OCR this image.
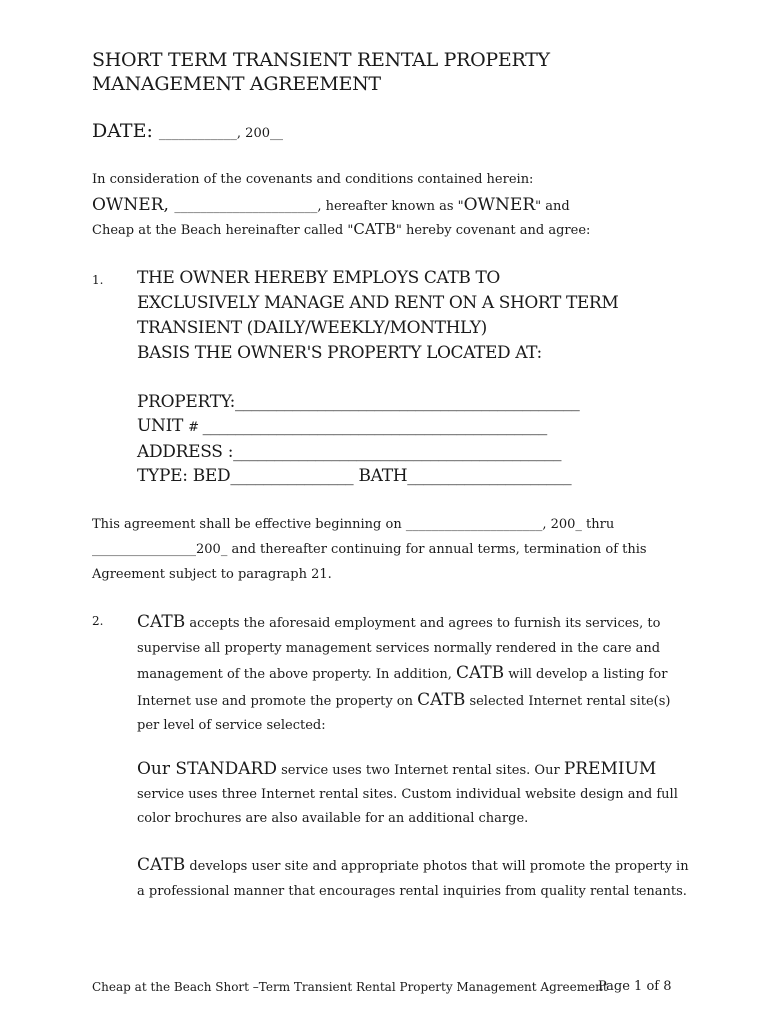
SHORT TERM TRANSIENT RENTAL PROPERTY
MANAGEMENT AGREEMENT
DATE: ____________, 200__
In consideration of the covenants and conditions contained herein:
OWNER, ______________________, hereafter known as "OWNER" and
Cheap at the Beach hereinafter called "CATB" hereby covenant and agree:
1. THE OWNER HEREBY EMPLOYS CATB TO
EXCLUSIVELY MANAGE AND RENT ON A SHORT TERM
TRANSIENT (DAILY/WEEKLY/MONTHLY)
BASIS THE OWNER'S PROPERTY LOCATED AT:
PROPERTY:__________________________________________
UNIT # __________________________________________
ADDRESS :________________________________________
TYPE: BED_______________ BATH____________________
This agreement shall be effective beginning on _____________________, 200_ thru
________________200_ and thereafter continuing for annual terms, termination of this
Agreement subject to paragraph 21.
2. CATB accepts the aforesaid employment and agrees to furnish its services, to
supervise all property management services normally rendered in the care and
management of the above property. In addition, CATB will develop a listing for
Internet use and promote the property on CATB selected Internet rental site(s)
per level of service selected:
Our STANDARD service uses two Internet rental sites. Our PREMIUM
service uses three Internet rental sites. Custom individual website design and full
color brochures are also available for an additional charge.
CATB develops user site and appropriate photos that will promote the property in
a professional manner that encourages rental inquiries from quality rental tenants.
Cheap at the Beach Short –Term Transient Rental Property Management Agreement
Page 1 of 8
